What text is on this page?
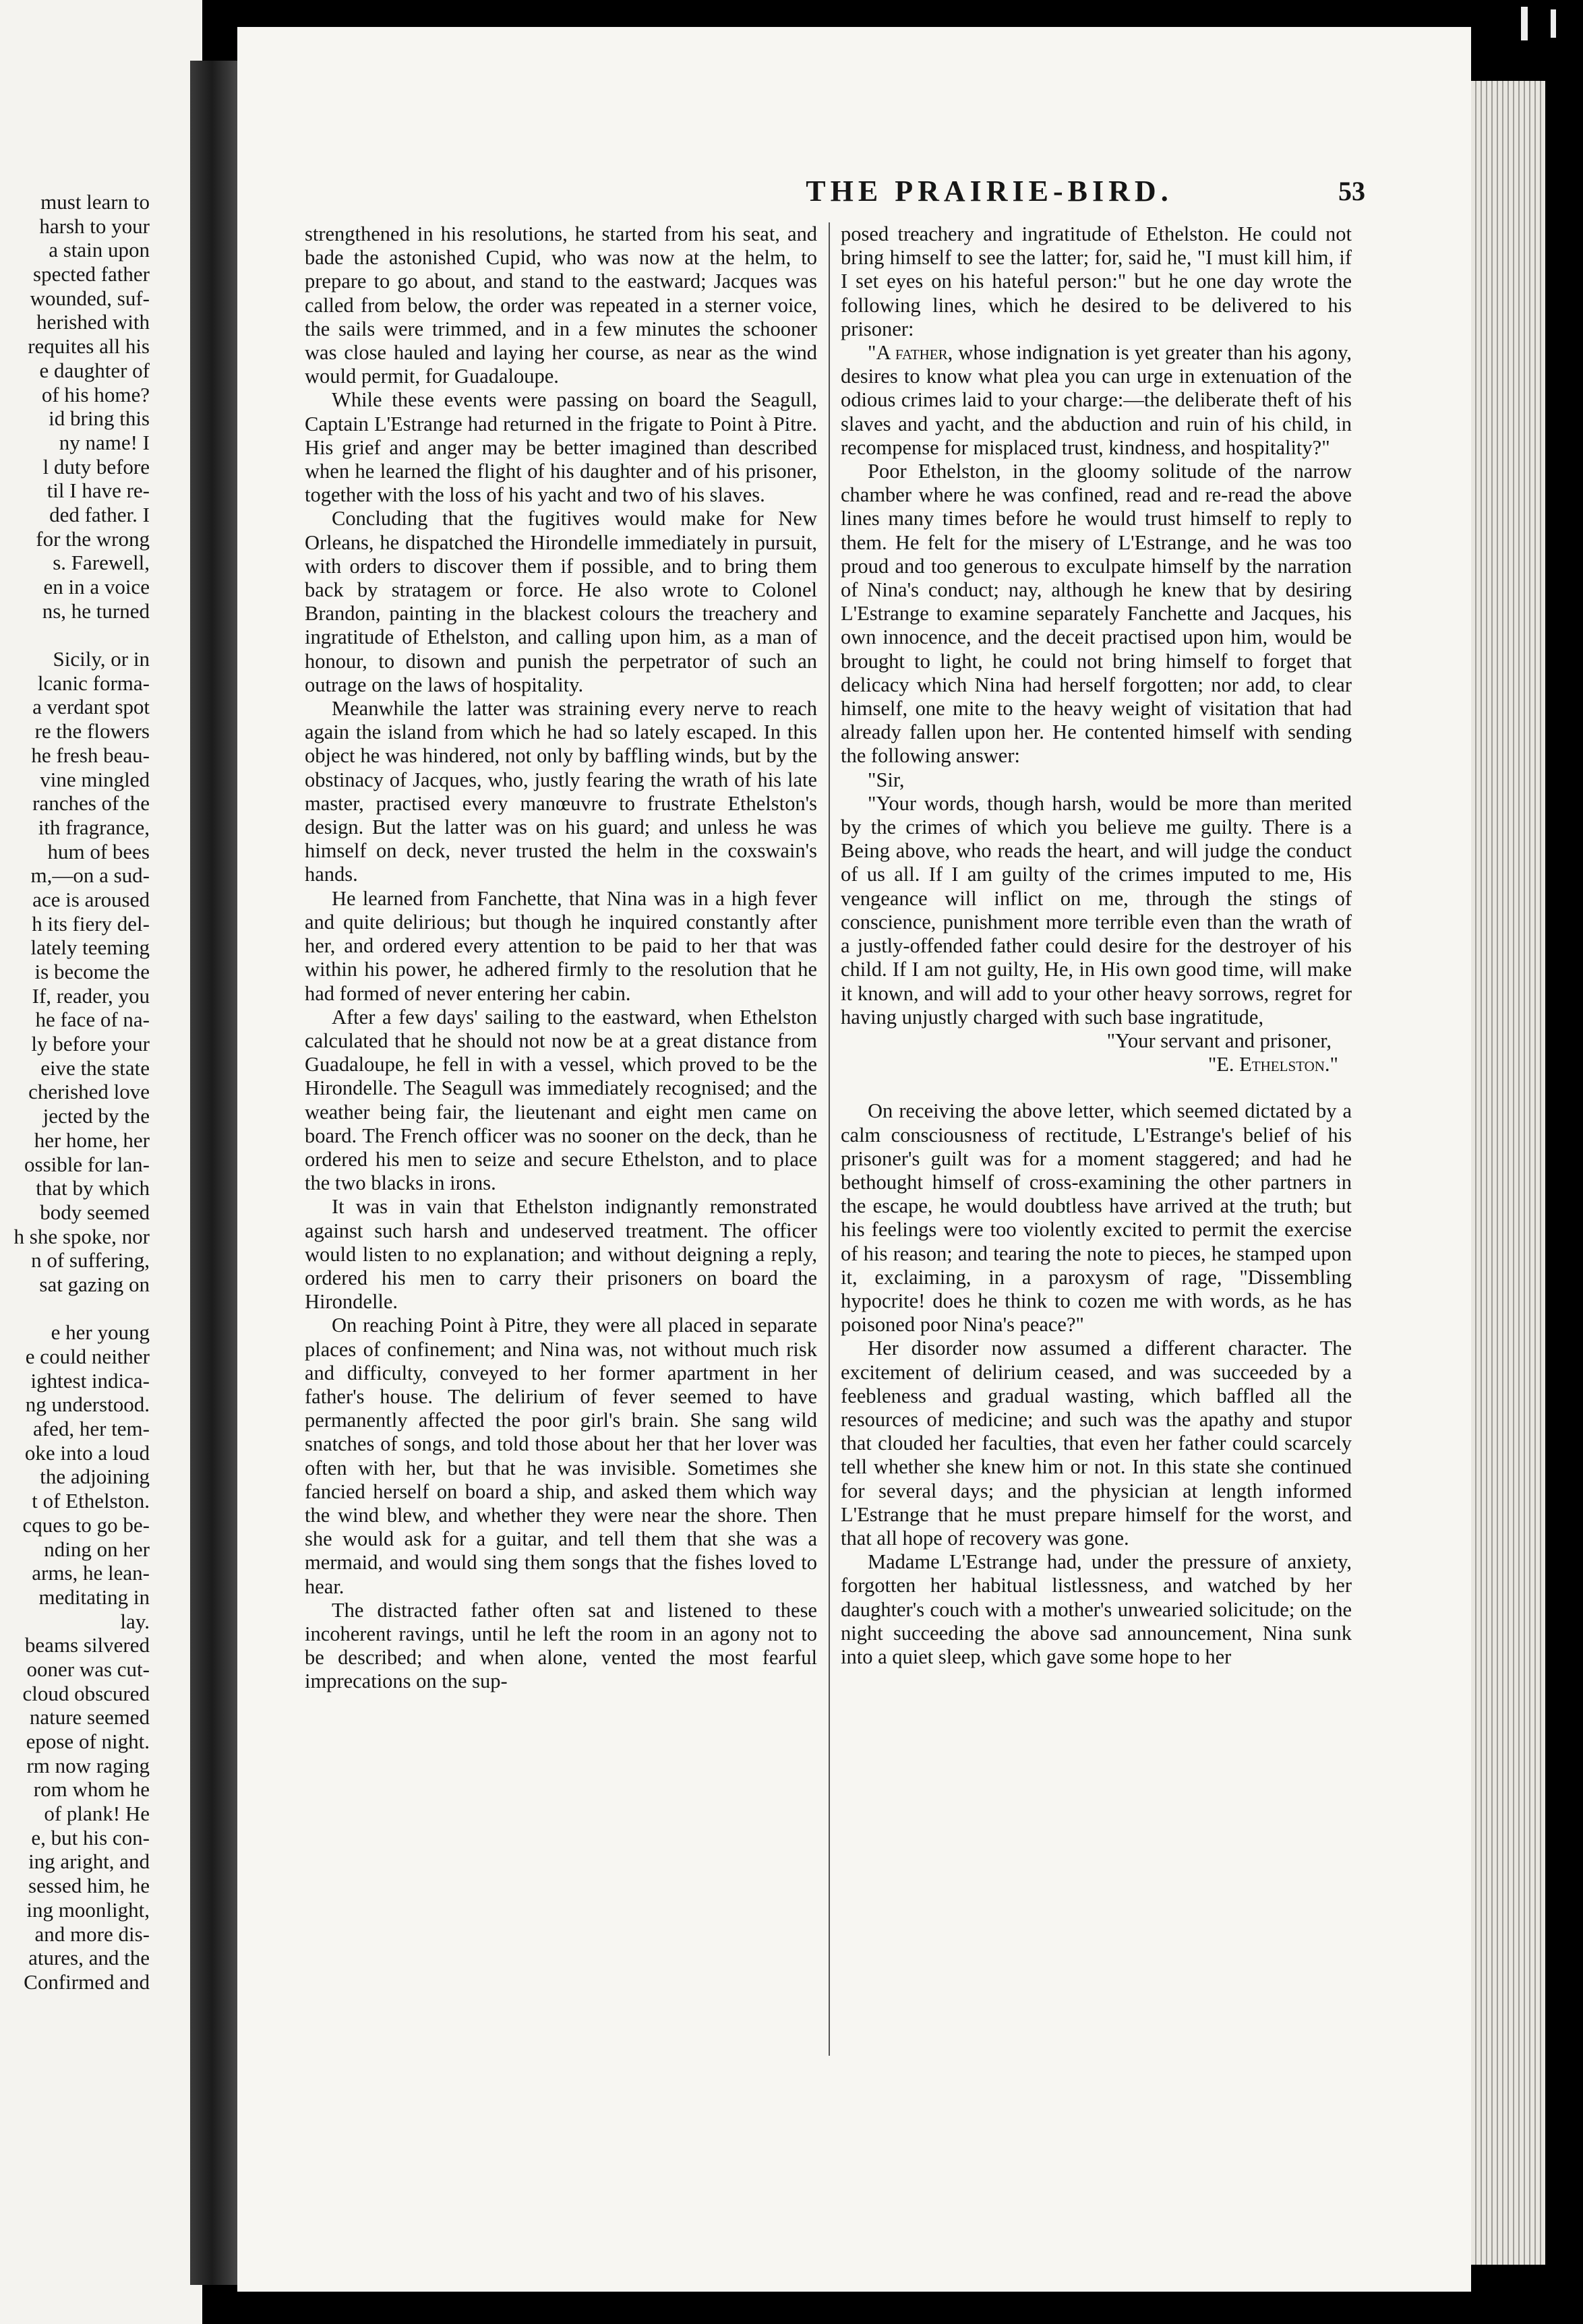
must learn to
harsh to your
a stain upon
spected father
wounded, suf-
herished with
requites all his
e daughter of
of his home?
id bring this
ny name! I
l duty before
til I have re-
ded father. I
for the wrong
s. Farewell,
en in a voice
ns, he turned
Sicily, or in
lcanic forma-
a verdant spot
re the flowers
he fresh beau-
vine mingled
ranches of the
ith fragrance,
hum of bees
m,—on a sud-
ace is aroused
h its fiery del-
lately teeming
is become the
If, reader, you
he face of na-
ly before your
eive the state
cherished love
jected by the
her home, her
ossible for lan-
that by which
body seemed
h she spoke, nor
n of suffering,
sat gazing on
e her young
e could neither
ightest indica-
ng understood.
afed, her tem-
oke into a loud
the adjoining
t of Ethelston.
cques to go be-
nding on her
arms, he lean-
meditating in
lay.
beams silvered
ooner was cut-
cloud obscured
nature seemed
epose of night.
rm now raging
rom whom he
of plank! He
e, but his con-
ing aright, and
sessed him, he
ing moonlight,
and more dis-
atures, and the
Confirmed and
THE PRAIRIE-BIRD.	53

strengthened in his resolutions, he started from his seat, and bade the astonished Cupid, who was now at the helm, to prepare to go about, and stand to the eastward; Jacques was called from below, the order was repeated in a sterner voice, the sails were trimmed, and in a few minutes the schooner was close hauled and laying her course, as near as the wind would permit, for Guadaloupe.

While these events were passing on board the Seagull, Captain L'Estrange had returned in the frigate to Point à Pitre. His grief and anger may be better imagined than described when he learned the flight of his daughter and of his prisoner, together with the loss of his yacht and two of his slaves.

Concluding that the fugitives would make for New Orleans, he dispatched the Hirondelle immediately in pursuit, with orders to discover them if possible, and to bring them back by stratagem or force. He also wrote to Colonel Brandon, painting in the blackest colours the treachery and ingratitude of Ethelston, and calling upon him, as a man of honour, to disown and punish the perpetrator of such an outrage on the laws of hospitality.

Meanwhile the latter was straining every nerve to reach again the island from which he had so lately escaped. In this object he was hindered, not only by baffling winds, but by the obstinacy of Jacques, who, justly fearing the wrath of his late master, practised every manœuvre to frustrate Ethelston's design. But the latter was on his guard; and unless he was himself on deck, never trusted the helm in the coxswain's hands.

He learned from Fanchette, that Nina was in a high fever and quite delirious; but though he inquired constantly after her, and ordered every attention to be paid to her that was within his power, he adhered firmly to the resolution that he had formed of never entering her cabin.

After a few days' sailing to the eastward, when Ethelston calculated that he should not now be at a great distance from Guadaloupe, he fell in with a vessel, which proved to be the Hirondelle. The Seagull was immediately recognised; and the weather being fair, the lieutenant and eight men came on board. The French officer was no sooner on the deck, than he ordered his men to seize and secure Ethelston, and to place the two blacks in irons.

It was in vain that Ethelston indignantly remonstrated against such harsh and undeserved treatment. The officer would listen to no explanation; and without deigning a reply, ordered his men to carry their prisoners on board the Hirondelle.

On reaching Point à Pitre, they were all placed in separate places of confinement; and Nina was, not without much risk and difficulty, conveyed to her former apartment in her father's house. The delirium of fever seemed to have permanently affected the poor girl's brain. She sang wild snatches of songs, and told those about her that her lover was often with her, but that he was invisible. Sometimes she fancied herself on board a ship, and asked them which way the wind blew, and whether they were near the shore. Then she would ask for a guitar, and tell them that she was a mermaid, and would sing them songs that the fishes loved to hear.

The distracted father often sat and listened to these incoherent ravings, until he left the room in an agony not to be described; and when alone, vented the most fearful imprecations on the sup-

posed treachery and ingratitude of Ethelston. He could not bring himself to see the latter; for, said he, "I must kill him, if I set eyes on his hateful person:" but he one day wrote the following lines, which he desired to be delivered to his prisoner:

"A father, whose indignation is yet greater than his agony, desires to know what plea you can urge in extenuation of the odious crimes laid to your charge:—the deliberate theft of his slaves and yacht, and the abduction and ruin of his child, in recompense for misplaced trust, kindness, and hospitality?"

Poor Ethelston, in the gloomy solitude of the narrow chamber where he was confined, read and re-read the above lines many times before he would trust himself to reply to them. He felt for the misery of L'Estrange, and he was too proud and too generous to exculpate himself by the narration of Nina's conduct; nay, although he knew that by desiring L'Estrange to examine separately Fanchette and Jacques, his own innocence, and the deceit practised upon him, would be brought to light, he could not bring himself to forget that delicacy which Nina had herself forgotten; nor add, to clear himself, one mite to the heavy weight of visitation that had already fallen upon her. He contented himself with sending the following answer:

"Sir,

"Your words, though harsh, would be more than merited by the crimes of which you believe me guilty. There is a Being above, who reads the heart, and will judge the conduct of us all. If I am guilty of the crimes imputed to me, His vengeance will inflict on me, through the stings of conscience, punishment more terrible even than the wrath of a justly-offended father could desire for the destroyer of his child. If I am not guilty, He, in His own good time, will make it known, and will add to your other heavy sorrows, regret for having unjustly charged with such base ingratitude,

"Your servant and prisoner,

"E. Ethelston."

On receiving the above letter, which seemed dictated by a calm consciousness of rectitude, L'Estrange's belief of his prisoner's guilt was for a moment staggered; and had he bethought himself of cross-examining the other partners in the escape, he would doubtless have arrived at the truth; but his feelings were too violently excited to permit the exercise of his reason; and tearing the note to pieces, he stamped upon it, exclaiming, in a paroxysm of rage, "Dissembling hypocrite! does he think to cozen me with words, as he has poisoned poor Nina's peace?"

Her disorder now assumed a different character. The excitement of delirium ceased, and was succeeded by a feebleness and gradual wasting, which baffled all the resources of medicine; and such was the apathy and stupor that clouded her faculties, that even her father could scarcely tell whether she knew him or not. In this state she continued for several days; and the physician at length informed L'Estrange that he must prepare himself for the worst, and that all hope of recovery was gone.

Madame L'Estrange had, under the pressure of anxiety, forgotten her habitual listlessness, and watched by her daughter's couch with a mother's unwearied solicitude; on the night succeeding the above sad announcement, Nina sunk into a quiet sleep, which gave some hope to her
